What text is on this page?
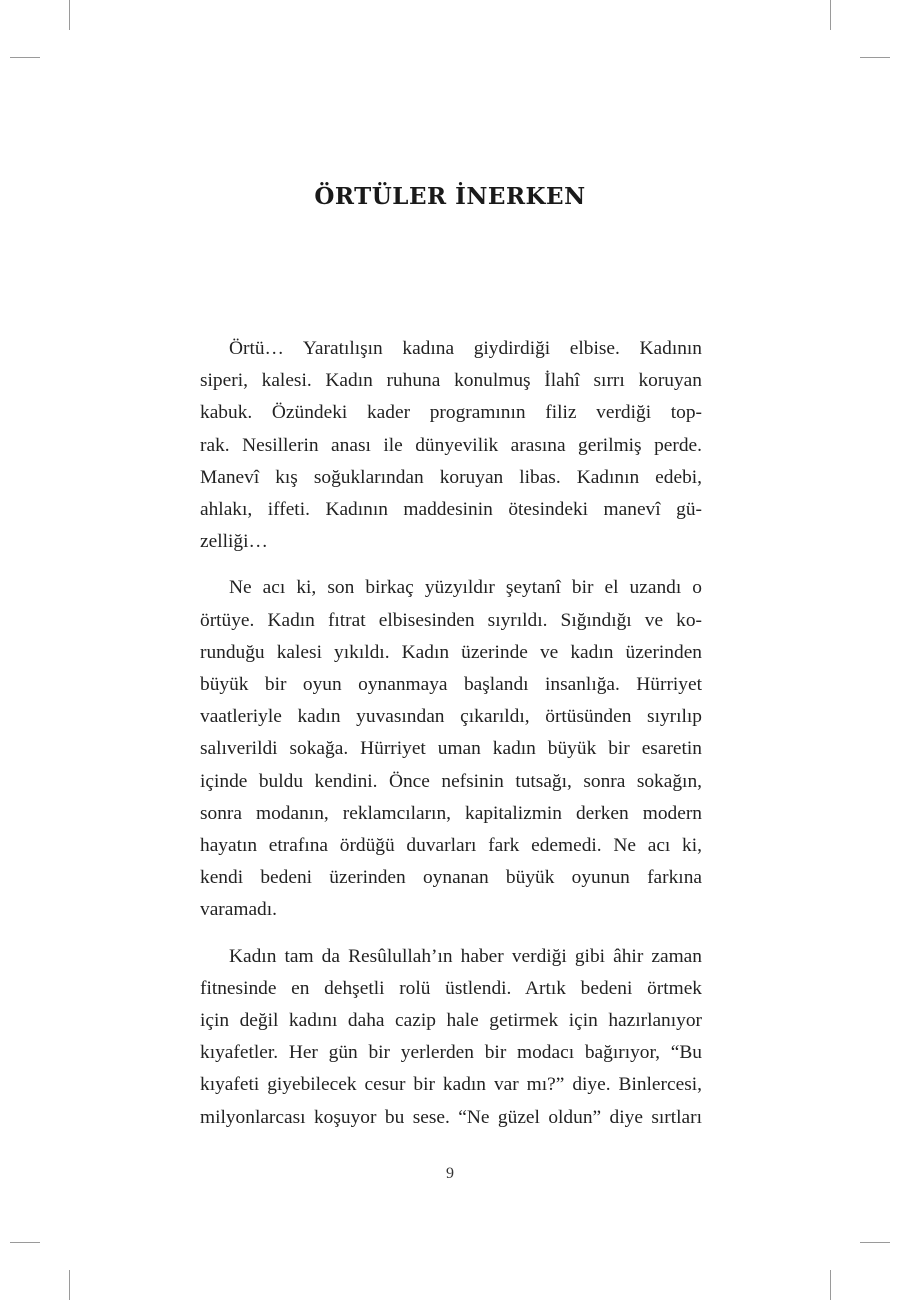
ÖRTÜLER İNERKEN

Örtü… Yaratılışın kadına giydirdiği elbise. Kadının
siperi, kalesi. Kadın ruhuna konulmuş İlahî sırrı koruyan
kabuk. Özündeki kader programının filiz verdiği top-
rak. Nesillerin anası ile dünyevilik arasına gerilmiş perde.
Manevî kış soğuklarından koruyan libas. Kadının edebi,
ahlakı, iffeti. Kadının maddesinin ötesindeki manevî gü-
zelliği…

Ne acı ki, son birkaç yüzyıldır şeytanî bir el uzandı o
örtüye. Kadın fıtrat elbisesinden sıyrıldı. Sığındığı ve ko-
runduğu kalesi yıkıldı. Kadın üzerinde ve kadın üzerinden
büyük bir oyun oynanmaya başlandı insanlığa. Hürriyet
vaatleriyle kadın yuvasından çıkarıldı, örtüsünden sıyrılıp
salıverildi sokağa. Hürriyet uman kadın büyük bir esaretin
içinde buldu kendini. Önce nefsinin tutsağı, sonra sokağın,
sonra modanın, reklamcıların, kapitalizmin derken modern
hayatın etrafına ördüğü duvarları fark edemedi. Ne acı ki,
kendi bedeni üzerinden oynanan büyük oyunun farkına
varamadı.

Kadın tam da Resûlullah’ın haber verdiği gibi âhir zaman
fitnesinde en dehşetli rolü üstlendi. Artık bedeni örtmek
için değil kadını daha cazip hale getirmek için hazırlanıyor
kıyafetler. Her gün bir yerlerden bir modacı bağırıyor, “Bu
kıyafeti giyebilecek cesur bir kadın var mı?” diye. Binlercesi,
milyonlarcası koşuyor bu sese. “Ne güzel oldun” diye sırtları

9
